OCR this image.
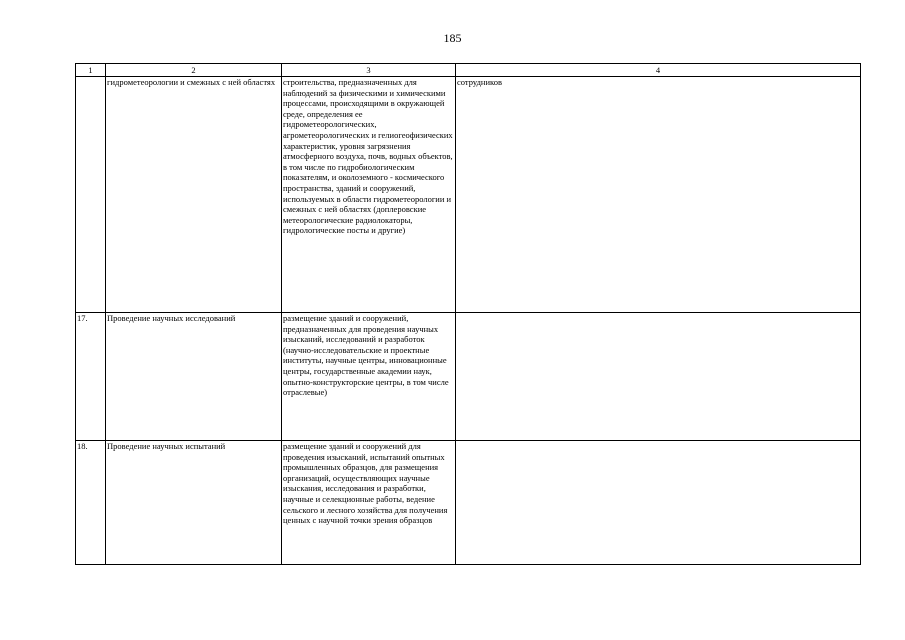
185
1	2	3	4
	гидрометеорологии и смежных с ней областях	строительства, предназначенных для наблюдений за физическими и химическими процессами, происходящими в окружающей среде, определения ее гидрометеорологических, агрометеорологических и гелиогеофизических характеристик, уровня загрязнения атмосферного воздуха, почв, водных объектов, в том числе по гидробиологическим показателям, и околоземного - космического пространства, зданий и сооружений, используемых в области гидрометеорологии и смежных с ней областях (доплеровские метеорологические радиолокаторы, гидрологические посты и другие)	сотрудников
17.	Проведение научных исследований	размещение зданий и сооружений, предназначенных для проведения научных изысканий, исследований и разработок (научно-исследовательские и проектные институты, научные центры, инновационные центры, государственные академии наук, опытно-конструкторские центры, в том числе отраслевые)	
18.	Проведение научных испытаний	размещение зданий и сооружений для проведения изысканий, испытаний опытных промышленных образцов, для размещения организаций, осуществляющих научные изыскания, исследования и разработки, научные и селекционные работы, ведение сельского и лесного хозяйства для получения ценных с научной точки зрения образцов	
